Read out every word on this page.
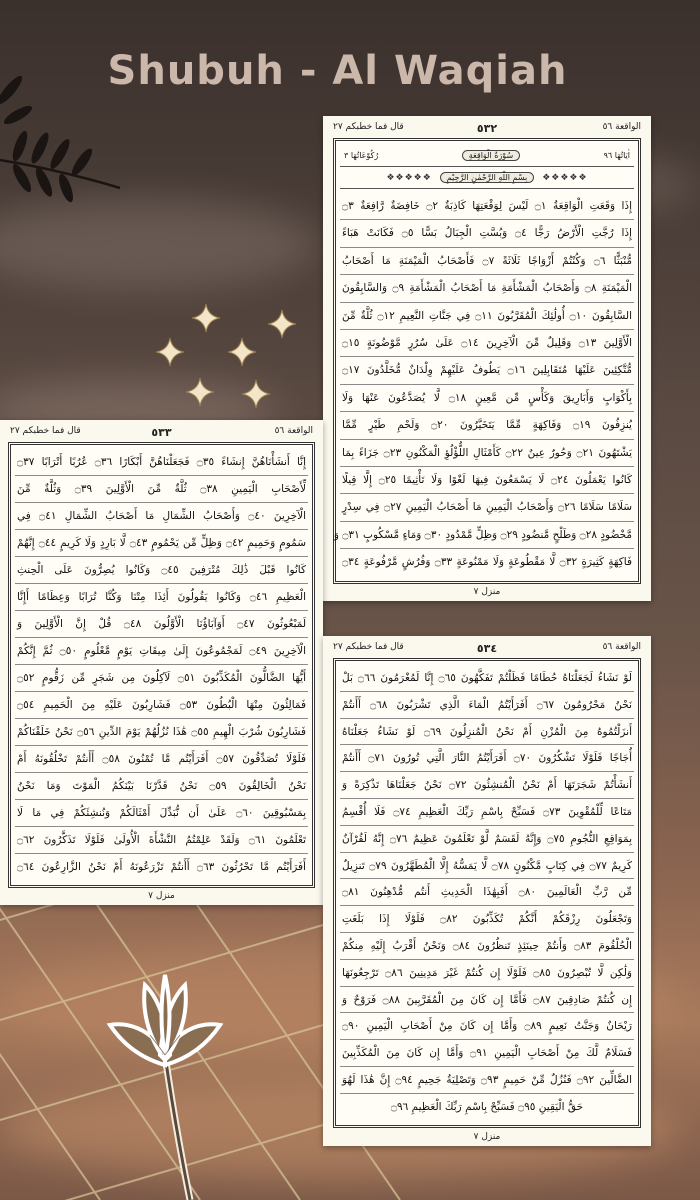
Shubuh - Al Waqiah
قال فما خطبكم ٢٧	٥٣٢	الواقعة ٥٦
اٰيَاتُهَا ٩٦
سُوْرَةُ الْوَاقِعَةِ
رُكُوْعَاتُهَا ٣
❖❖❖❖❖
بِسْمِ اللّٰهِ الرَّحْمٰنِ الرَّحِيْمِ
❖❖❖❖❖
إِذَا وَقَعَتِ الْوَاقِعَةُ ۝١ لَيْسَ لِوَقْعَتِهَا كَاذِبَةٌ ۝٢ خَافِضَةٌ رَّافِعَةٌ ۝٣
إِذَا رُجَّتِ الْأَرْضُ رَجًّا ۝٤ وَبُسَّتِ الْجِبَالُ بَسًّا ۝٥ فَكَانَتْ هَبَاءً
مُّنْبَثًّا ۝٦ وَكُنْتُمْ أَزْوَاجًا ثَلَاثَةً ۝٧ فَأَصْحَابُ الْمَيْمَنَةِ مَا أَصْحَابُ
الْمَيْمَنَةِ ۝٨ وَأَصْحَابُ الْمَشْأَمَةِ مَا أَصْحَابُ الْمَشْأَمَةِ ۝٩ وَالسَّابِقُونَ
السَّابِقُونَ ۝١٠ أُولَٰئِكَ الْمُقَرَّبُونَ ۝١١ فِي جَنَّاتِ النَّعِيمِ ۝١٢ ثُلَّةٌ مِّنَ
الْأَوَّلِينَ ۝١٣ وَقَلِيلٌ مِّنَ الْآخِرِينَ ۝١٤ عَلَىٰ سُرُرٍ مَّوْضُونَةٍ ۝١٥
مُّتَّكِئِينَ عَلَيْهَا مُتَقَابِلِينَ ۝١٦ يَطُوفُ عَلَيْهِمْ وِلْدَانٌ مُّخَلَّدُونَ ۝١٧
بِأَكْوَابٍ وَأَبَارِيقَ وَكَأْسٍ مِّن مَّعِينٍ ۝١٨ لَّا يُصَدَّعُونَ عَنْهَا وَلَا
يُنزِفُونَ ۝١٩ وَفَاكِهَةٍ مِّمَّا يَتَخَيَّرُونَ ۝٢٠ وَلَحْمِ طَيْرٍ مِّمَّا
يَشْتَهُونَ ۝٢١ وَحُورٌ عِينٌ ۝٢٢ كَأَمْثَالِ اللُّؤْلُؤِ الْمَكْنُونِ ۝٢٣ جَزَاءً بِمَا
كَانُوا يَعْمَلُونَ ۝٢٤ لَا يَسْمَعُونَ فِيهَا لَغْوًا وَلَا تَأْثِيمًا ۝٢٥ إِلَّا قِيلًا
سَلَامًا سَلَامًا ۝٢٦ وَأَصْحَابُ الْيَمِينِ مَا أَصْحَابُ الْيَمِينِ ۝٢٧ فِي سِدْرٍ
مَّخْضُودٍ ۝٢٨ وَطَلْحٍ مَّنضُودٍ ۝٢٩ وَظِلٍّ مَّمْدُودٍ ۝٣٠ وَمَاءٍ مَّسْكُوبٍ ۝٣١ وَ
فَاكِهَةٍ كَثِيرَةٍ ۝٣٢ لَّا مَقْطُوعَةٍ وَلَا مَمْنُوعَةٍ ۝٣٣ وَفُرُشٍ مَّرْفُوعَةٍ ۝٣٤
منزل ٧
قال فما خطبكم ٢٧	٥٣٣	الواقعة ٥٦
إِنَّا أَنشَأْنَاهُنَّ إِنشَاءً ۝٣٥ فَجَعَلْنَاهُنَّ أَبْكَارًا ۝٣٦ عُرُبًا أَتْرَابًا ۝٣٧
لِّأَصْحَابِ الْيَمِينِ ۝٣٨ ثُلَّةٌ مِّنَ الْأَوَّلِينَ ۝٣٩ وَثُلَّةٌ مِّنَ
الْآخِرِينَ ۝٤٠ وَأَصْحَابُ الشِّمَالِ مَا أَصْحَابُ الشِّمَالِ ۝٤١ فِي
سَمُومٍ وَحَمِيمٍ ۝٤٢ وَظِلٍّ مِّن يَحْمُومٍ ۝٤٣ لَّا بَارِدٍ وَلَا كَرِيمٍ ۝٤٤ إِنَّهُمْ
كَانُوا قَبْلَ ذَٰلِكَ مُتْرَفِينَ ۝٤٥ وَكَانُوا يُصِرُّونَ عَلَى الْحِنثِ
الْعَظِيمِ ۝٤٦ وَكَانُوا يَقُولُونَ أَئِذَا مِتْنَا وَكُنَّا تُرَابًا وَعِظَامًا أَإِنَّا
لَمَبْعُوثُونَ ۝٤٧ أَوَآبَاؤُنَا الْأَوَّلُونَ ۝٤٨ قُلْ إِنَّ الْأَوَّلِينَ وَ
الْآخِرِينَ ۝٤٩ لَمَجْمُوعُونَ إِلَىٰ مِيقَاتِ يَوْمٍ مَّعْلُومٍ ۝٥٠ ثُمَّ إِنَّكُمْ
أَيُّهَا الضَّالُّونَ الْمُكَذِّبُونَ ۝٥١ لَآكِلُونَ مِن شَجَرٍ مِّن زَقُّومٍ ۝٥٢
فَمَالِئُونَ مِنْهَا الْبُطُونَ ۝٥٣ فَشَارِبُونَ عَلَيْهِ مِنَ الْحَمِيمِ ۝٥٤
فَشَارِبُونَ شُرْبَ الْهِيمِ ۝٥٥ هَٰذَا نُزُلُهُمْ يَوْمَ الدِّينِ ۝٥٦ نَحْنُ خَلَقْنَاكُمْ
فَلَوْلَا تُصَدِّقُونَ ۝٥٧ أَفَرَأَيْتُم مَّا تُمْنُونَ ۝٥٨ أَأَنتُمْ تَخْلُقُونَهُ أَمْ
نَحْنُ الْخَالِقُونَ ۝٥٩ نَحْنُ قَدَّرْنَا بَيْنَكُمُ الْمَوْتَ وَمَا نَحْنُ
بِمَسْبُوقِينَ ۝٦٠ عَلَىٰ أَن نُّبَدِّلَ أَمْثَالَكُمْ وَنُنشِئَكُمْ فِي مَا لَا
تَعْلَمُونَ ۝٦١ وَلَقَدْ عَلِمْتُمُ النَّشْأَةَ الْأُولَىٰ فَلَوْلَا تَذَكَّرُونَ ۝٦٢
أَفَرَأَيْتُم مَّا تَحْرُثُونَ ۝٦٣ أَأَنتُمْ تَزْرَعُونَهُ أَمْ نَحْنُ الزَّارِعُونَ ۝٦٤
منزل ٧
قال فما خطبكم ٢٧	٥٣٤	الواقعة ٥٦
لَوْ نَشَاءُ لَجَعَلْنَاهُ حُطَامًا فَظَلْتُمْ تَفَكَّهُونَ ۝٦٥ إِنَّا لَمُغْرَمُونَ ۝٦٦ بَلْ
نَحْنُ مَحْرُومُونَ ۝٦٧ أَفَرَأَيْتُمُ الْمَاءَ الَّذِي تَشْرَبُونَ ۝٦٨ أَأَنتُمْ
أَنزَلْتُمُوهُ مِنَ الْمُزْنِ أَمْ نَحْنُ الْمُنزِلُونَ ۝٦٩ لَوْ نَشَاءُ جَعَلْنَاهُ
أُجَاجًا فَلَوْلَا تَشْكُرُونَ ۝٧٠ أَفَرَأَيْتُمُ النَّارَ الَّتِي تُورُونَ ۝٧١ أَأَنتُمْ
أَنشَأْتُمْ شَجَرَتَهَا أَمْ نَحْنُ الْمُنشِئُونَ ۝٧٢ نَحْنُ جَعَلْنَاهَا تَذْكِرَةً وَ
مَتَاعًا لِّلْمُقْوِينَ ۝٧٣ فَسَبِّحْ بِاسْمِ رَبِّكَ الْعَظِيمِ ۝٧٤ فَلَا أُقْسِمُ
بِمَوَاقِعِ النُّجُومِ ۝٧٥ وَإِنَّهُ لَقَسَمٌ لَّوْ تَعْلَمُونَ عَظِيمٌ ۝٧٦ إِنَّهُ لَقُرْآنٌ
كَرِيمٌ ۝٧٧ فِي كِتَابٍ مَّكْنُونٍ ۝٧٨ لَّا يَمَسُّهُ إِلَّا الْمُطَهَّرُونَ ۝٧٩ تَنزِيلٌ
مِّن رَّبِّ الْعَالَمِينَ ۝٨٠ أَفَبِهَٰذَا الْحَدِيثِ أَنتُم مُّدْهِنُونَ ۝٨١
وَتَجْعَلُونَ رِزْقَكُمْ أَنَّكُمْ تُكَذِّبُونَ ۝٨٢ فَلَوْلَا إِذَا بَلَغَتِ
الْحُلْقُومَ ۝٨٣ وَأَنتُمْ حِينَئِذٍ تَنظُرُونَ ۝٨٤ وَنَحْنُ أَقْرَبُ إِلَيْهِ مِنكُمْ
وَلَٰكِن لَّا تُبْصِرُونَ ۝٨٥ فَلَوْلَا إِن كُنتُمْ غَيْرَ مَدِينِينَ ۝٨٦ تَرْجِعُونَهَا
إِن كُنتُمْ صَادِقِينَ ۝٨٧ فَأَمَّا إِن كَانَ مِنَ الْمُقَرَّبِينَ ۝٨٨ فَرَوْحٌ وَ
رَيْحَانٌ وَجَنَّتُ نَعِيمٍ ۝٨٩ وَأَمَّا إِن كَانَ مِنْ أَصْحَابِ الْيَمِينِ ۝٩٠
فَسَلَامٌ لَّكَ مِنْ أَصْحَابِ الْيَمِينِ ۝٩١ وَأَمَّا إِن كَانَ مِنَ الْمُكَذِّبِينَ
الضَّالِّينَ ۝٩٢ فَنُزُلٌ مِّنْ حَمِيمٍ ۝٩٣ وَتَصْلِيَةُ جَحِيمٍ ۝٩٤ إِنَّ هَٰذَا لَهُوَ
حَقُّ الْيَقِينِ ۝٩٥ فَسَبِّحْ بِاسْمِ رَبِّكَ الْعَظِيمِ ۝٩٦
منزل ٧
